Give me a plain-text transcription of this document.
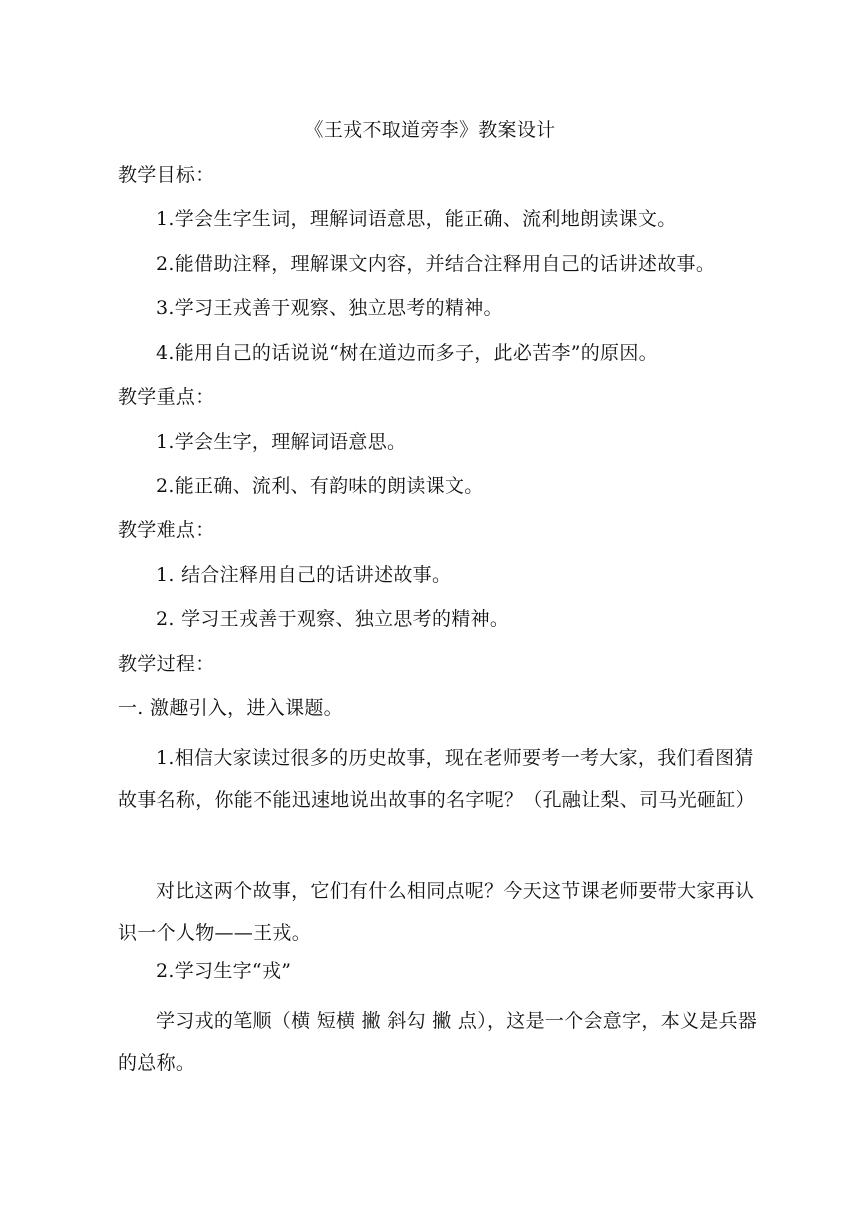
《王戎不取道旁李》教案设计
教学目标：
1.学会生字生词，理解词语意思，能正确、流利地朗读课文。
2.能借助注释，理解课文内容，并结合注释用自己的话讲述故事。
3.学习王戎善于观察、独立思考的精神。
4.能用自己的话说说“树在道边而多子，此必苦李”的原因。
教学重点：
1.学会生字，理解词语意思。
2.能正确、流利、有韵味的朗读课文。
教学难点：
1. 结合注释用自己的话讲述故事。
2. 学习王戎善于观察、独立思考的精神。
教学过程：
一. 激趣引入，进入课题。
1.相信大家读过很多的历史故事，现在老师要考一考大家，我们看图猜故事名称，你能不能迅速地说出故事的名字呢？（孔融让梨、司马光砸缸）
对比这两个故事，它们有什么相同点呢？今天这节课老师要带大家再认识一个人物——王戎。
2.学习生字“戎”
学习戎的笔顺（横 短横 撇 斜勾 撇 点），这是一个会意字，本义是兵器的总称。
